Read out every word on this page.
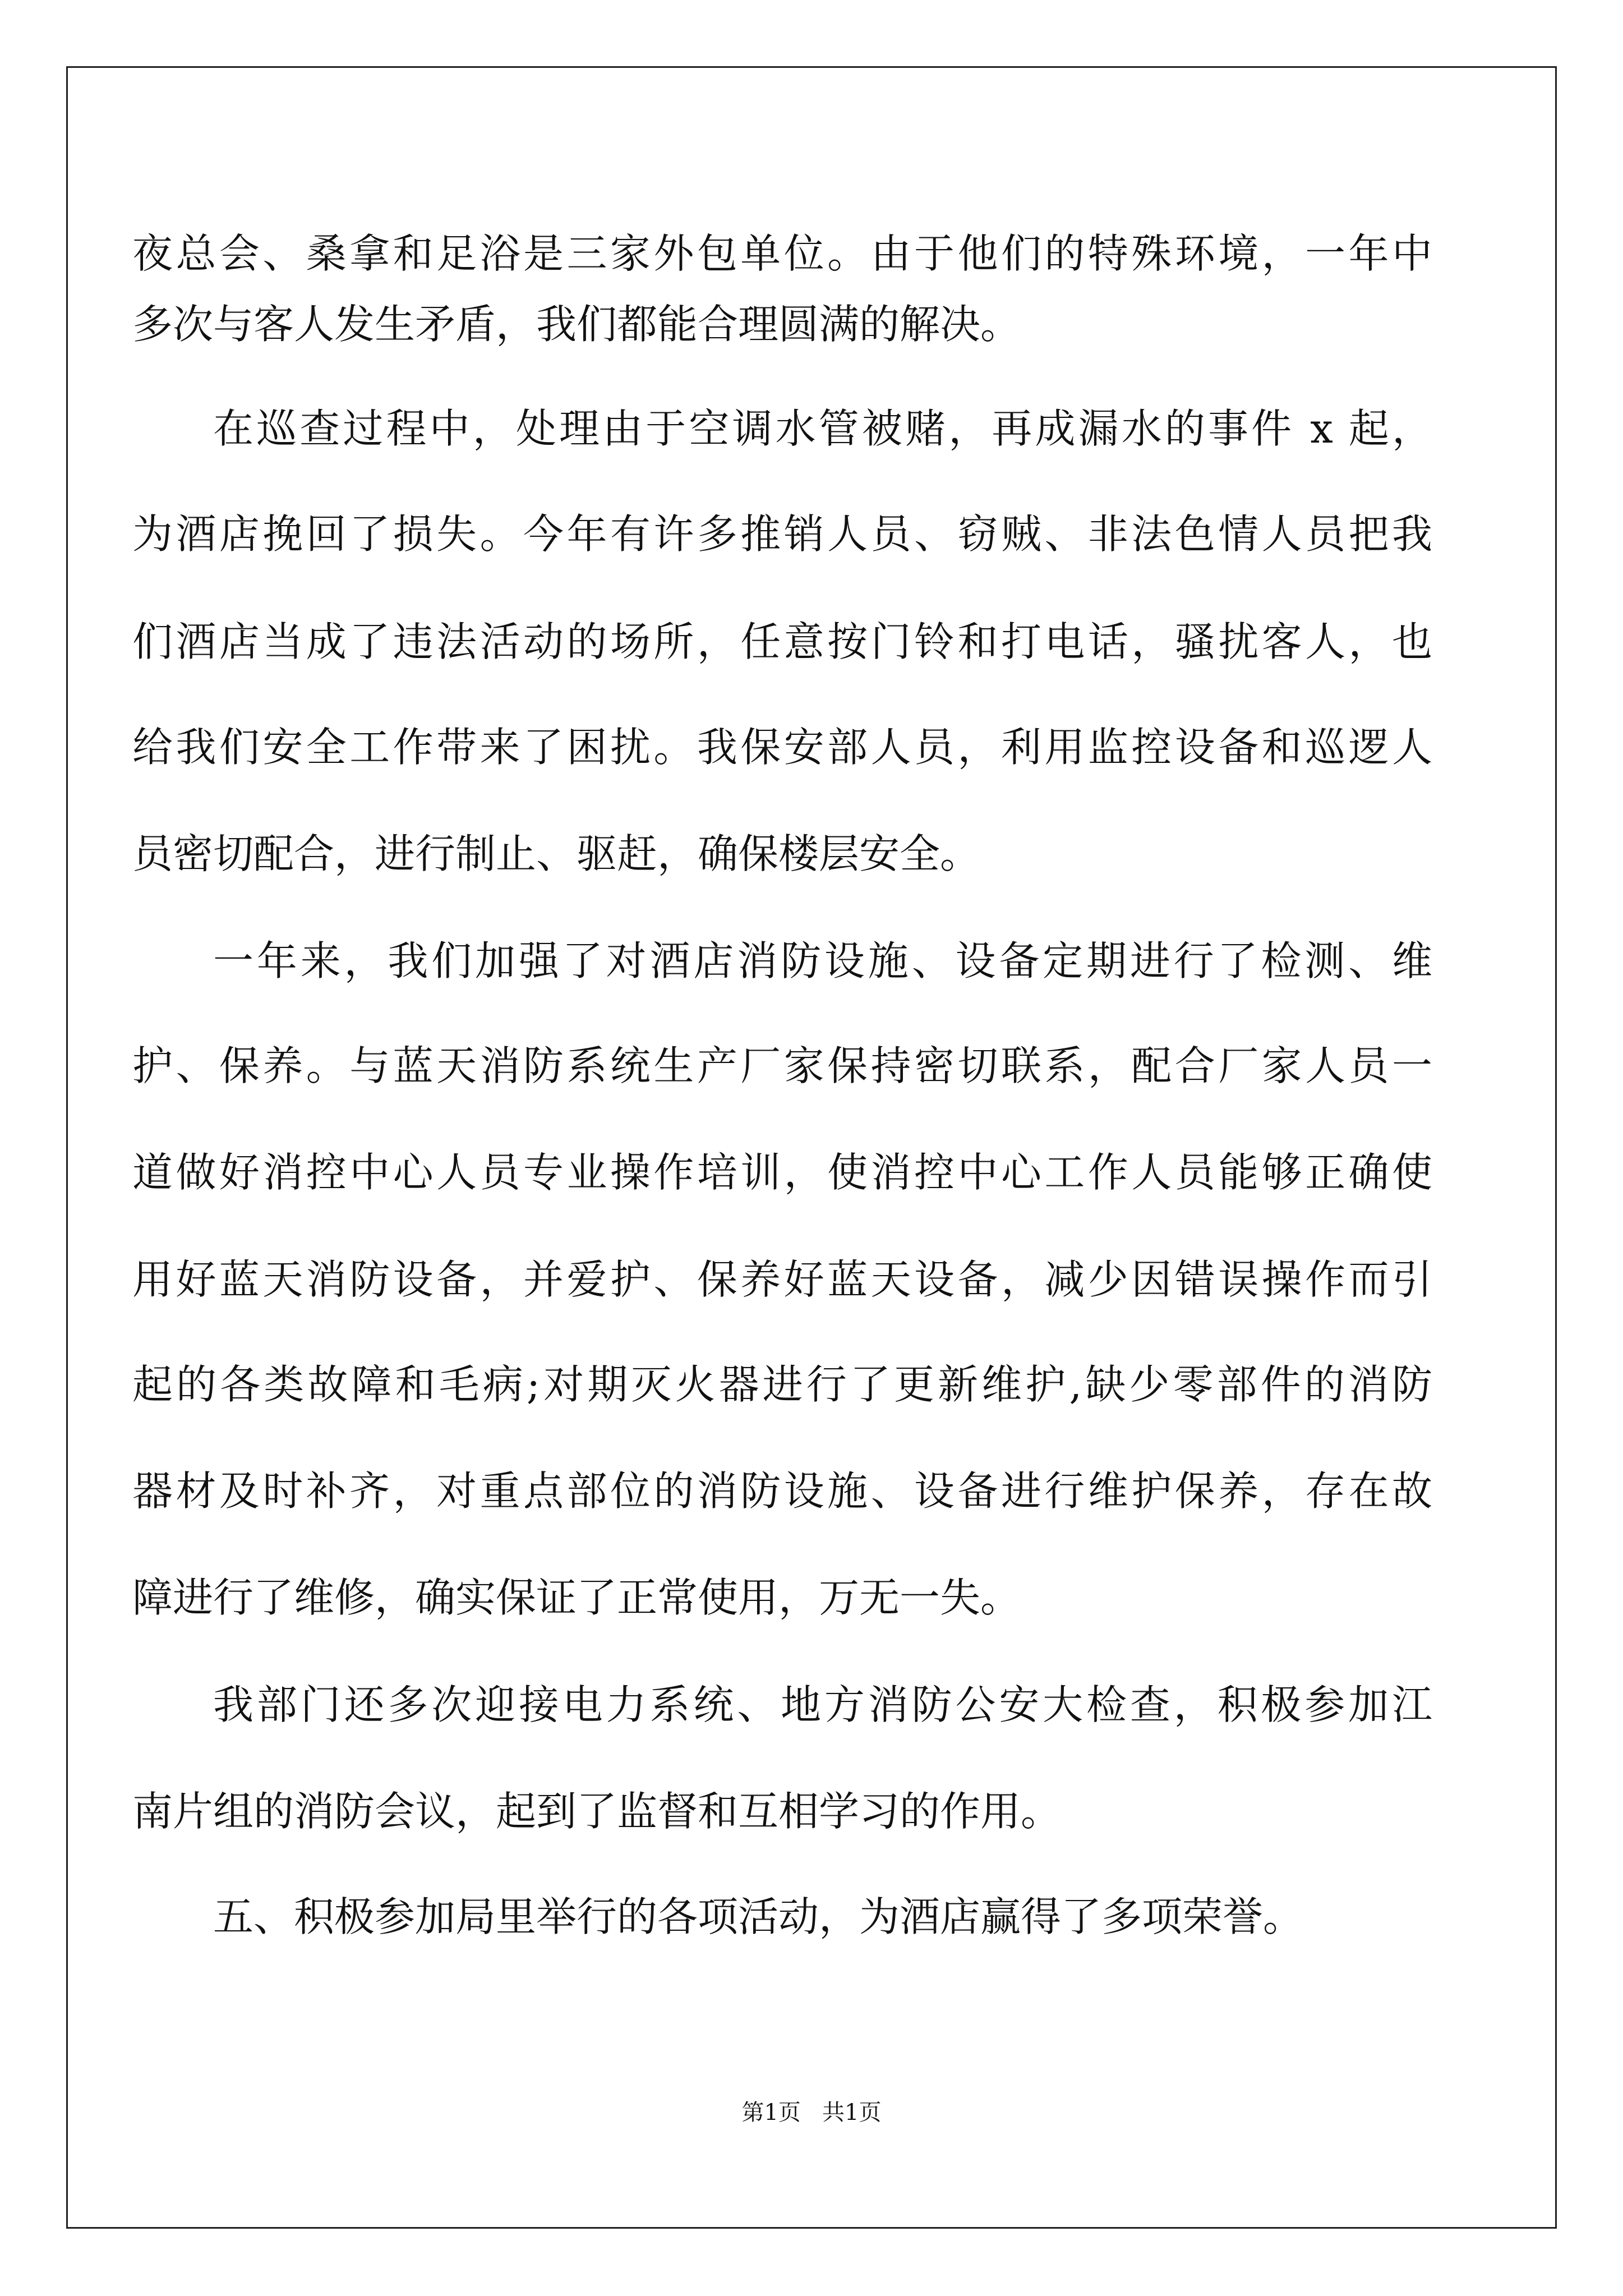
夜总会、桑拿和足浴是三家外包单位。由于他们的特殊环境，一年中
多次与客人发生矛盾，我们都能合理圆满的解决。
在巡查过程中，处理由于空调水管被赌，再成漏水的事件 x 起，
为酒店挽回了损失。今年有许多推销人员、窃贼、非法色情人员把我
们酒店当成了违法活动的场所，任意按门铃和打电话，骚扰客人，也
给我们安全工作带来了困扰。我保安部人员，利用监控设备和巡逻人
员密切配合，进行制止、驱赶，确保楼层安全。
一年来，我们加强了对酒店消防设施、设备定期进行了检测、维
护、保养。与蓝天消防系统生产厂家保持密切联系，配合厂家人员一
道做好消控中心人员专业操作培训，使消控中心工作人员能够正确使
用好蓝天消防设备，并爱护、保养好蓝天设备，减少因错误操作而引
起的各类故障和毛病;对期灭火器进行了更新维护,缺少零部件的消防
器材及时补齐，对重点部位的消防设施、设备进行维护保养，存在故
障进行了维修，确实保证了正常使用，万无一失。
我部门还多次迎接电力系统、地方消防公安大检查，积极参加江
南片组的消防会议，起到了监督和互相学习的作用。
五、积极参加局里举行的各项活动，为酒店赢得了多项荣誉。
第1页   共1页
